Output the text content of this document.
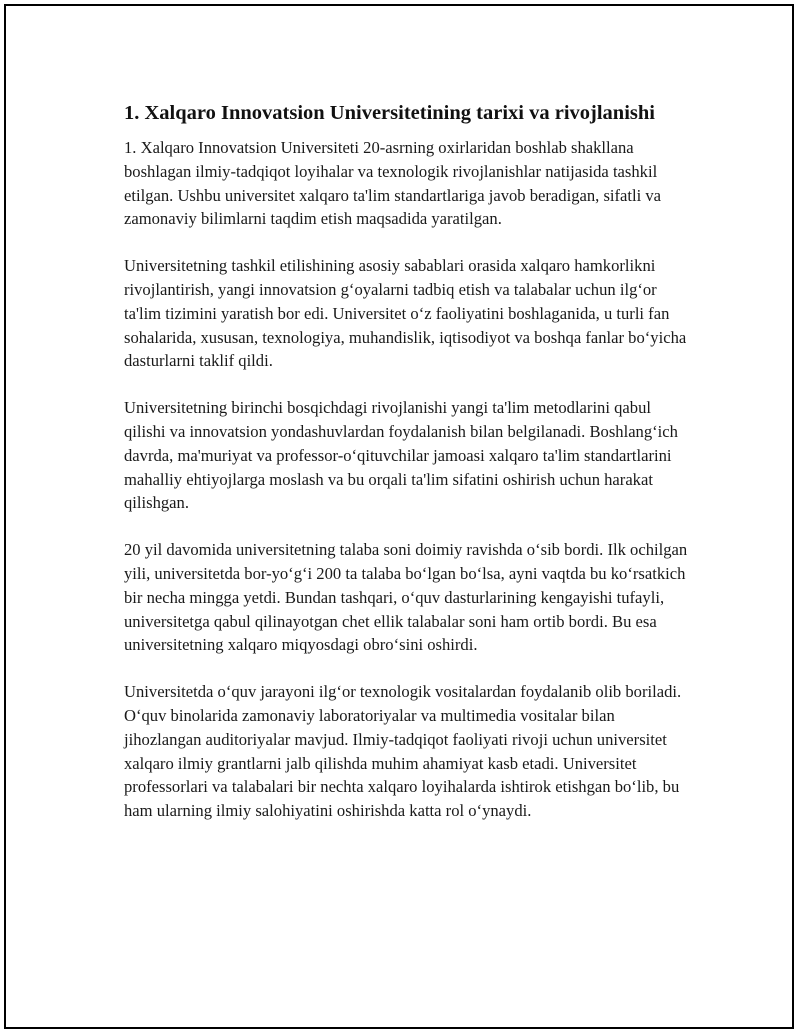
1. Xalqaro Innovatsion Universitetining tarixi va rivojlanishi

1. Xalqaro Innovatsion Universiteti 20-asrning oxirlaridan boshlab shakllana boshlagan ilmiy-tadqiqot loyihalar va texnologik rivojlanishlar natijasida tashkil etilgan. Ushbu universitet xalqaro ta'lim standartlariga javob beradigan, sifatli va zamonaviy bilimlarni taqdim etish maqsadida yaratilgan.

Universitetning tashkil etilishining asosiy sabablari orasida xalqaro hamkorlikni rivojlantirish, yangi innovatsion g‘oyalarni tadbiq etish va talabalar uchun ilg‘or ta'lim tizimini yaratish bor edi. Universitet o‘z faoliyatini boshlaganida, u turli fan sohalarida, xususan, texnologiya, muhandislik, iqtisodiyot va boshqa fanlar bo‘yicha dasturlarni taklif qildi.

Universitetning birinchi bosqichdagi rivojlanishi yangi ta'lim metodlarini qabul qilishi va innovatsion yondashuvlardan foydalanish bilan belgilanadi. Boshlang‘ich davrda, ma'muriyat va professor-o‘qituvchilar jamoasi xalqaro ta'lim standartlarini mahalliy ehtiyojlarga moslash va bu orqali ta'lim sifatini oshirish uchun harakat qilishgan.

20 yil davomida universitetning talaba soni doimiy ravishda o‘sib bordi. Ilk ochilgan yili, universitetda bor-yo‘g‘i 200 ta talaba bo‘lgan bo‘lsa, ayni vaqtda bu ko‘rsatkich bir necha mingga yetdi. Bundan tashqari, o‘quv dasturlarining kengayishi tufayli, universitetga qabul qilinayotgan chet ellik talabalar soni ham ortib bordi. Bu esa universitetning xalqaro miqyosdagi obro‘sini oshirdi.

Universitetda o‘quv jarayoni ilg‘or texnologik vositalardan foydalanib olib boriladi. O‘quv binolarida zamonaviy laboratoriyalar va multimedia vositalar bilan jihozlangan auditoriyalar mavjud. Ilmiy-tadqiqot faoliyati rivoji uchun universitet xalqaro ilmiy grantlarni jalb qilishda muhim ahamiyat kasb etadi. Universitet professorlari va talabalari bir nechta xalqaro loyihalarda ishtirok etishgan bo‘lib, bu ham ularning ilmiy salohiyatini oshirishda katta rol o‘ynaydi.
